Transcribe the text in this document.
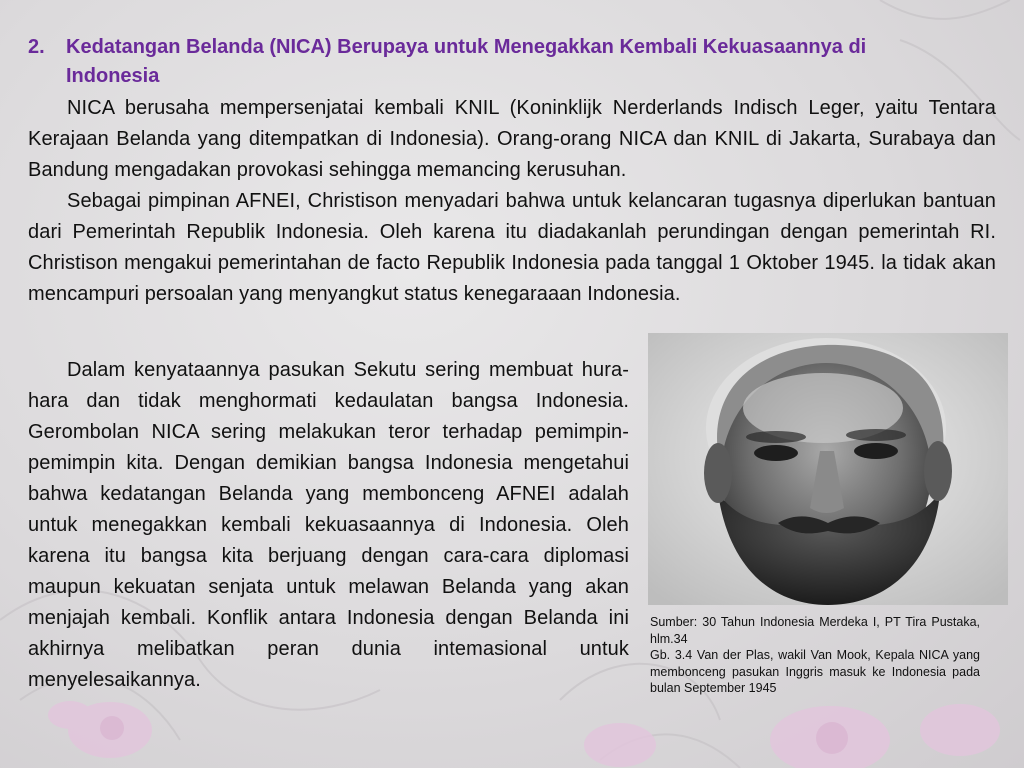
2. Kedatangan Belanda (NICA) Berupaya untuk Menegakkan Kembali Kekuasaannya di
Indonesia

NICA berusaha mempersenjatai kembali KNIL (Koninklijk Nerderlands Indisch Leger, yaitu Tentara Kerajaan Belanda yang ditempatkan di Indonesia). Orang-orang NICA dan KNIL di Jakarta, Surabaya dan Bandung mengadakan provokasi sehingga memancing kerusuhan.

Sebagai pimpinan AFNEI, Christison menyadari bahwa untuk kelancaran tugasnya diperlukan bantuan dari Pemerintah Republik Indonesia. Oleh karena itu diadakanlah perundingan dengan pemerintah RI. Christison mengakui pemerintahan de facto Republik Indonesia pada tanggal 1 Oktober 1945. la tidak akan mencampuri persoalan yang menyangkut status kenegaraaan Indonesia.

Dalam kenyataannya pasukan Sekutu sering membuat hura-hara dan tidak menghormati kedaulatan bangsa Indonesia. Gerombolan NICA sering melakukan teror terhadap pemimpin-pemimpin kita. Dengan demikian bangsa Indonesia mengetahui bahwa kedatangan Belanda yang membonceng AFNEI adalah untuk menegakkan kembali kekuasaannya di Indonesia. Oleh karena itu bangsa kita berjuang dengan cara-cara diplomasi maupun kekuatan senjata untuk melawan Belanda yang akan menjajah kembali. Konflik antara Indonesia dengan Belanda ini akhirnya melibatkan peran dunia intemasional untuk menyelesaikannya.

Sumber: 30 Tahun Indonesia Merdeka I, PT Tira Pustaka, hlm.34

Gb. 3.4 Van der Plas, wakil Van Mook, Kepala NICA yang membonceng pasukan Inggris masuk ke Indonesia pada bulan September 1945
